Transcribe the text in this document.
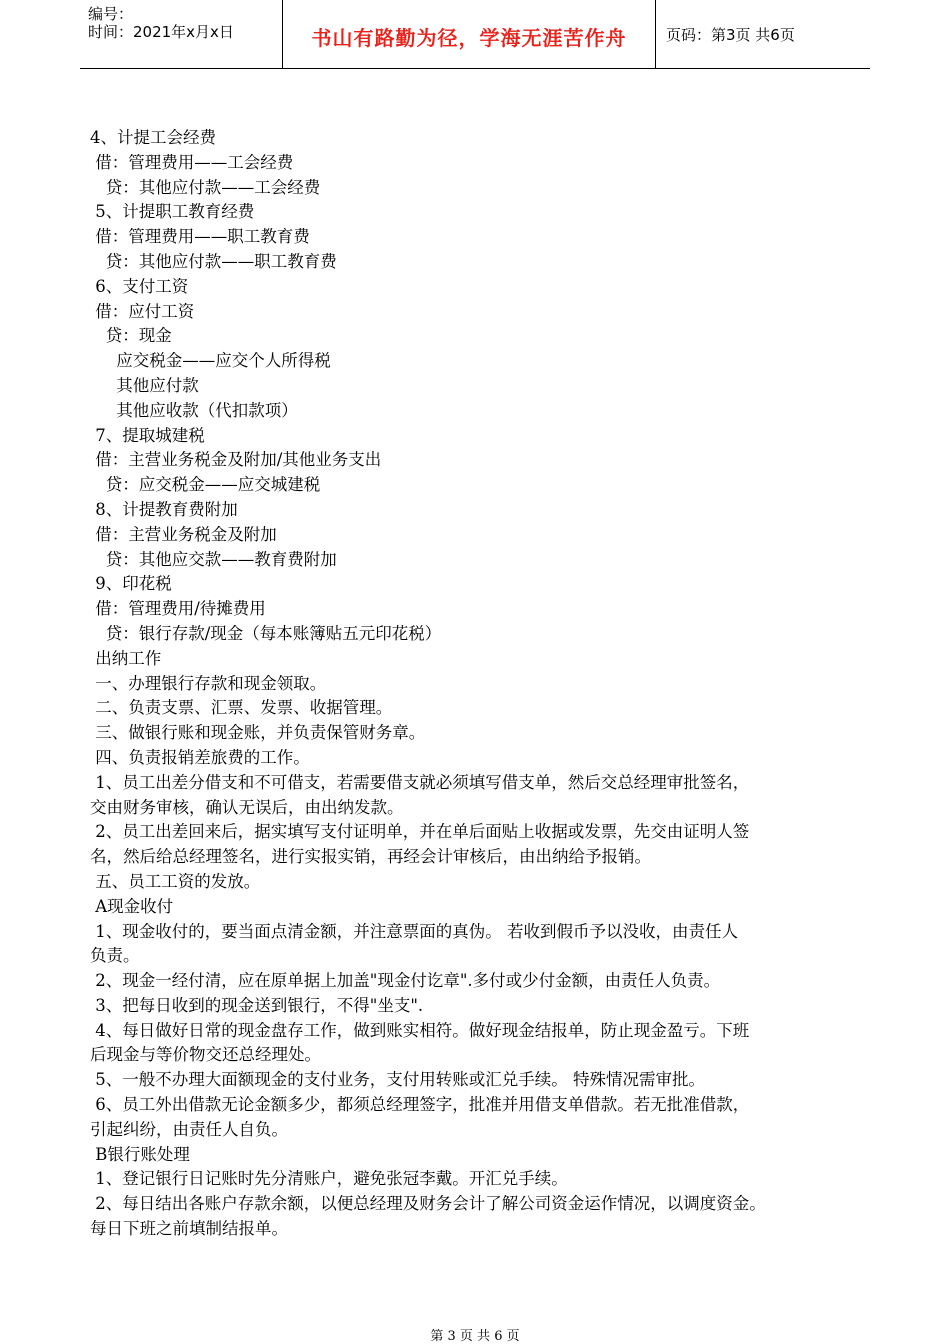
编号：
时间：2021年x月x日	书山有路勤为径，学海无涯苦作舟	页码：第3页 共6页
4、计提工会经费
借：管理费用——工会经费
贷：其他应付款——工会经费
5、计提职工教育经费
借：管理费用——职工教育费
贷：其他应付款——职工教育费
6、支付工资
借：应付工资
贷：现金
应交税金——应交个人所得税
其他应付款
其他应收款（代扣款项）
7、提取城建税
借：主营业务税金及附加/其他业务支出
贷：应交税金——应交城建税
8、计提教育费附加
借：主营业务税金及附加
贷：其他应交款——教育费附加
9、印花税
借：管理费用/待摊费用
贷：银行存款/现金（每本账簿贴五元印花税）
出纳工作
一、办理银行存款和现金领取。
二、负责支票、汇票、发票、收据管理。
三、做银行账和现金账，并负责保管财务章。
四、负责报销差旅费的工作。
1、员工出差分借支和不可借支，若需要借支就必须填写借支单，然后交总经理审批签名，
交由财务审核，确认无误后，由出纳发款。
2、员工出差回来后，据实填写支付证明单，并在单后面贴上收据或发票，先交由证明人签
名，然后给总经理签名，进行实报实销，再经会计审核后，由出纳给予报销。
五、员工工资的发放。
A现金收付
1、现金收付的，要当面点清金额，并注意票面的真伪。 若收到假币予以没收，由责任人
负责。
2、现金一经付清，应在原单据上加盖"现金付讫章".多付或少付金额，由责任人负责。
3、把每日收到的现金送到银行，不得"坐支".
4、每日做好日常的现金盘存工作，做到账实相符。做好现金结报单，防止现金盈亏。下班
后现金与等价物交还总经理处。
5、一般不办理大面额现金的支付业务，支付用转账或汇兑手续。 特殊情况需审批。
6、员工外出借款无论金额多少，都须总经理签字，批准并用借支单借款。若无批准借款，
引起纠纷，由责任人自负。
B银行账处理
1、登记银行日记账时先分清账户，避免张冠李戴。开汇兑手续。
2、每日结出各账户存款余额，以便总经理及财务会计了解公司资金运作情况，以调度资金。
每日下班之前填制结报单。
第 3 页 共 6 页
